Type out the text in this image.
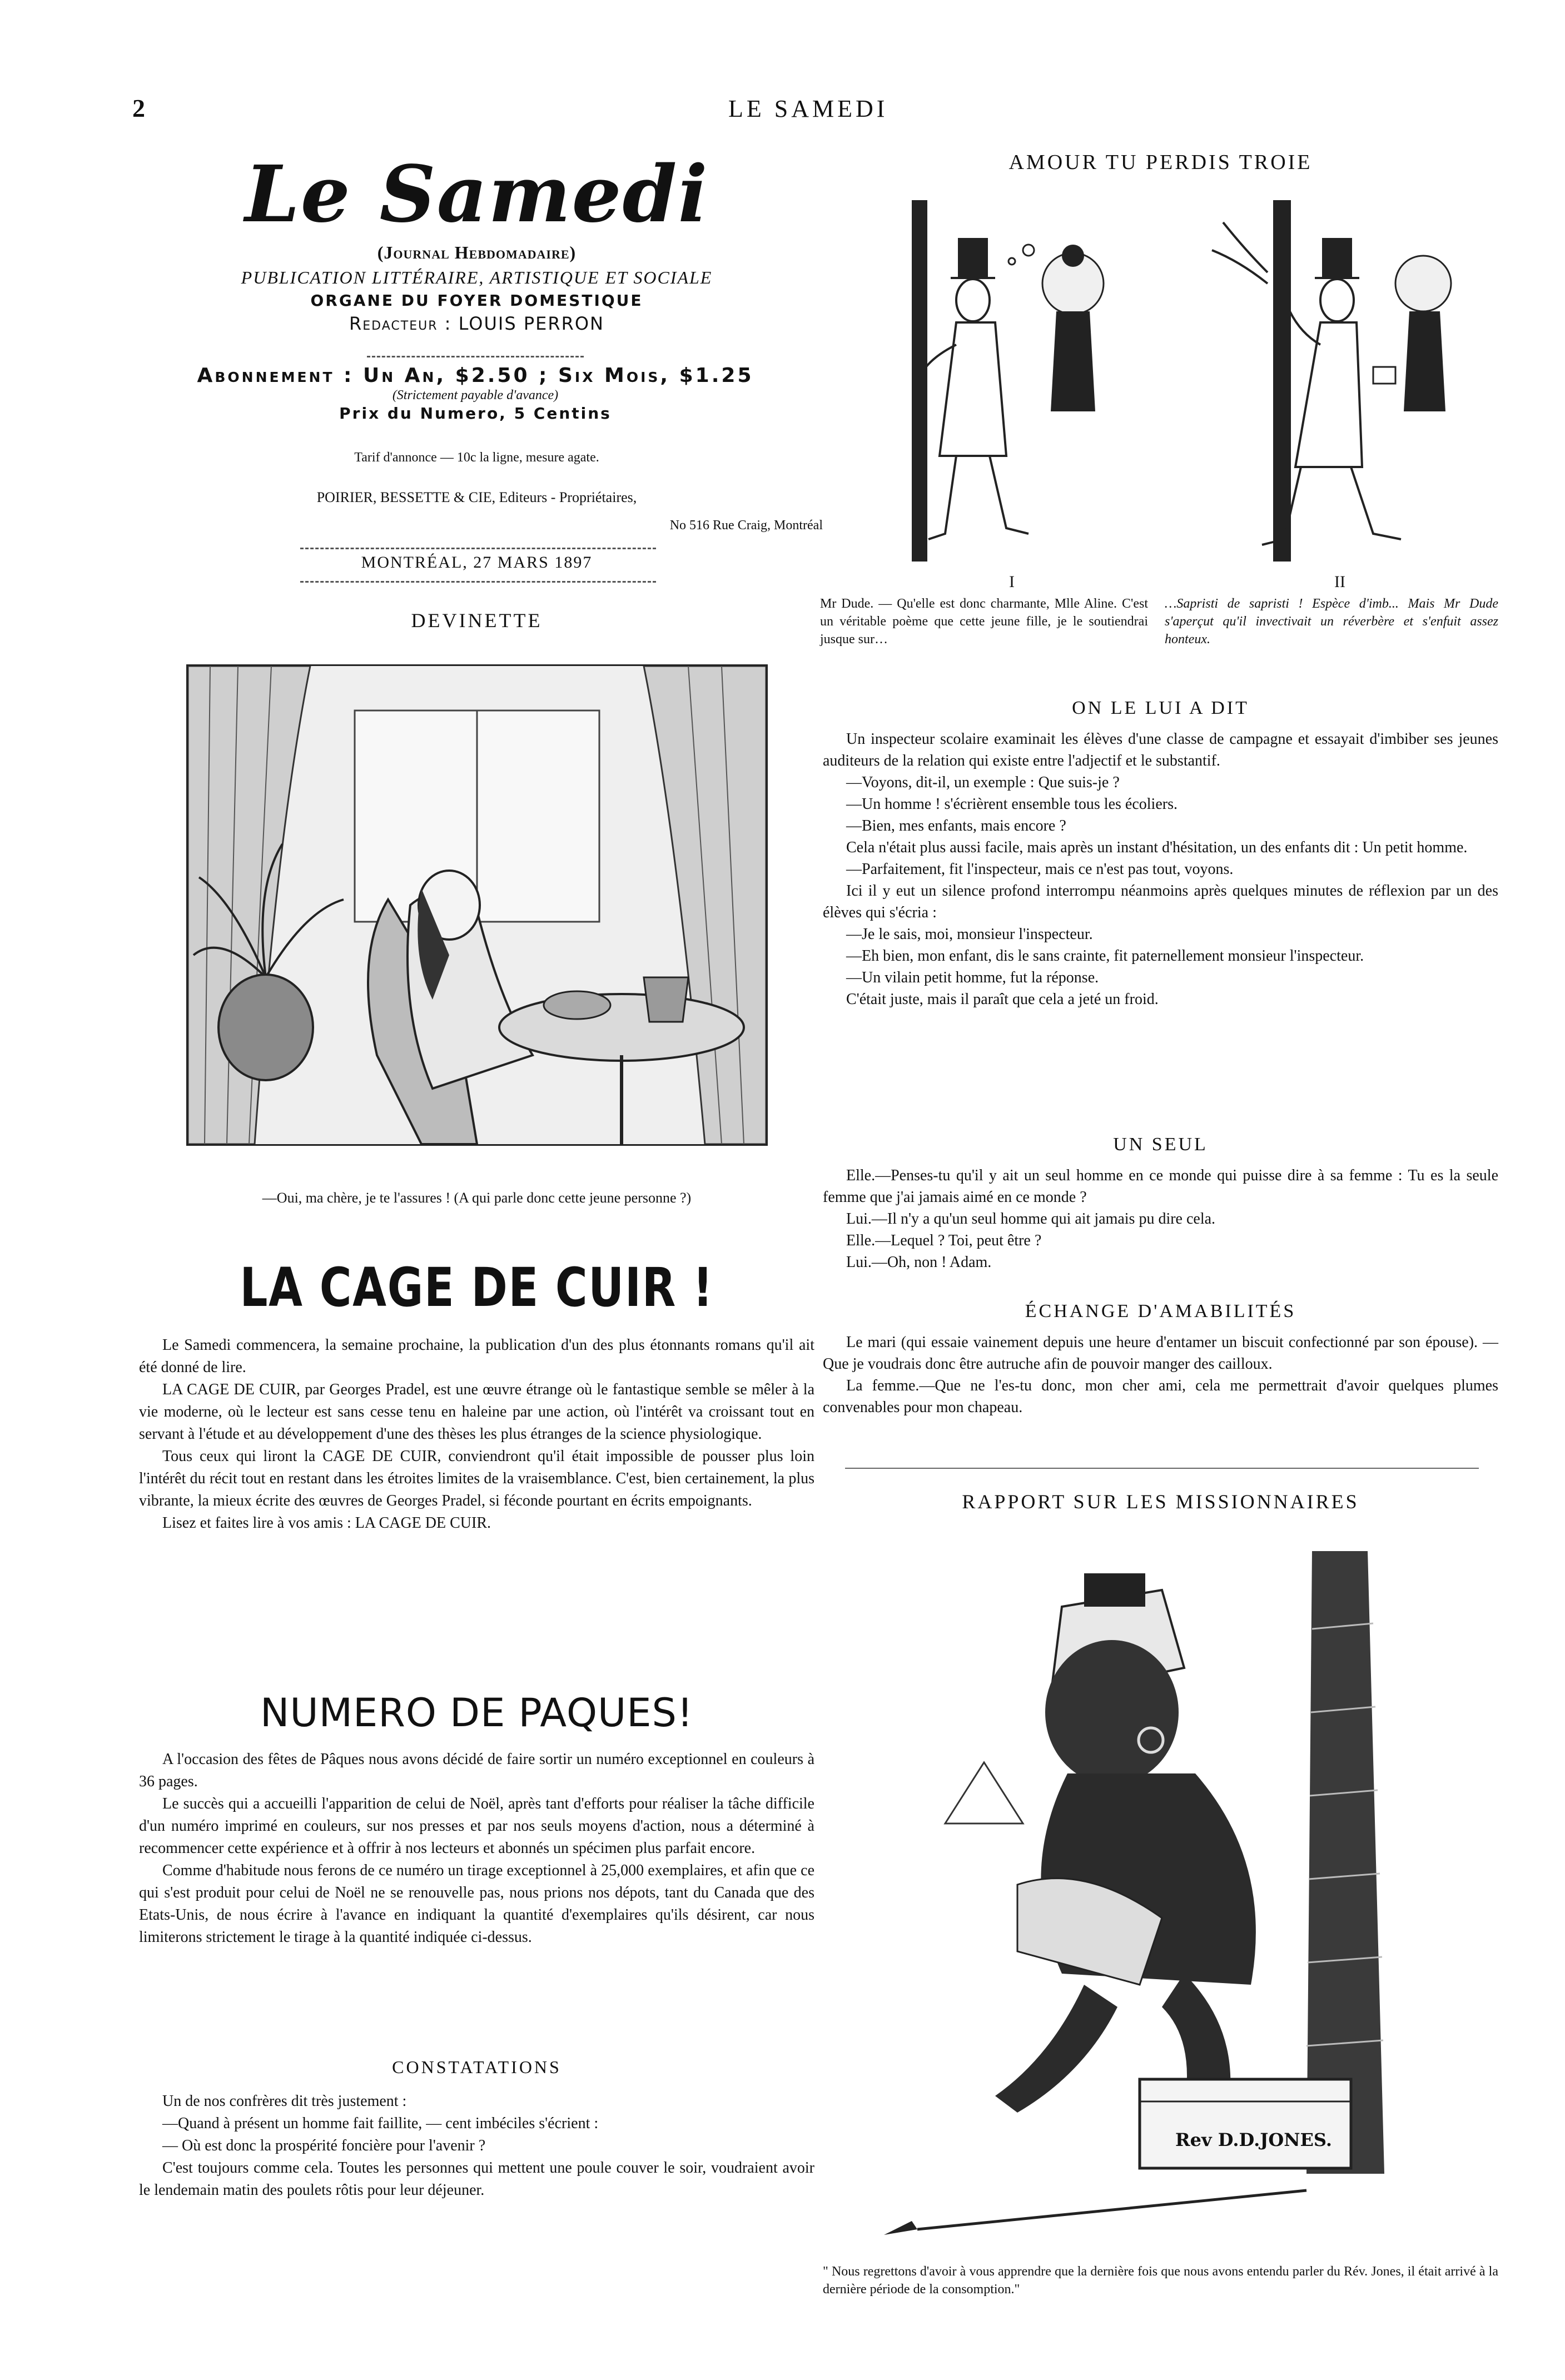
2	LE SAMEDI
Le Samedi
(Journal Hebdomadaire)
PUBLICATION LITTÉRAIRE, ARTISTIQUE ET SOCIALE
ORGANE DU FOYER DOMESTIQUE
Redacteur : LOUIS PERRON
Abonnement : Un An, $2.50 ; Six Mois, $1.25
(Strictement payable d'avance)
Prix du Numero, 5 Centins
Tarif d'annonce — 10c la ligne, mesure agate.
POIRIER, BESSETTE & CIE, Editeurs - Propriétaires,
No 516 Rue Craig, Montréal
MONTRÉAL, 27 MARS 1897
DEVINETTE
—Oui, ma chère, je te l'assures ! (A qui parle donc cette jeune personne ?)
LA CAGE DE CUIR !

Le Samedi commencera, la semaine prochaine, la publication d'un des plus étonnants romans qu'il ait été donné de lire.

LA CAGE DE CUIR, par Georges Pradel, est une œuvre étrange où le fantastique semble se mêler à la vie moderne, où le lecteur est sans cesse tenu en haleine par une action, où l'intérêt va croissant tout en servant à l'étude et au développement d'une des thèses les plus étranges de la science physiologique.

Tous ceux qui liront la CAGE DE CUIR, conviendront qu'il était impossible de pousser plus loin l'intérêt du récit tout en restant dans les étroites limites de la vraisemblance. C'est, bien certainement, la plus vibrante, la mieux écrite des œuvres de Georges Pradel, si féconde pourtant en écrits empoignants.

Lisez et faites lire à vos amis : LA CAGE DE CUIR.

NUMERO DE PAQUES!

A l'occasion des fêtes de Pâques nous avons décidé de faire sortir un numéro exceptionnel en couleurs à 36 pages.

Le succès qui a accueilli l'apparition de celui de Noël, après tant d'efforts pour réaliser la tâche difficile d'un numéro imprimé en couleurs, sur nos presses et par nos seuls moyens d'action, nous a déterminé à recommencer cette expérience et à offrir à nos lecteurs et abonnés un spécimen plus parfait encore.

Comme d'habitude nous ferons de ce numéro un tirage exceptionnel à 25,000 exemplaires, et afin que ce qui s'est produit pour celui de Noël ne se renouvelle pas, nous prions nos dépots, tant du Canada que des Etats-Unis, de nous écrire à l'avance en indiquant la quantité d'exemplaires qu'ils désirent, car nous limiterons strictement le tirage à la quantité indiquée ci-dessus.

CONSTATATIONS

Un de nos confrères dit très justement :

—Quand à présent un homme fait faillite, — cent imbéciles s'écrient :

— Où est donc la prospérité foncière pour l'avenir ?

C'est toujours comme cela. Toutes les personnes qui mettent une poule couver le soir, voudraient avoir le lendemain matin des poulets rôtis pour leur déjeuner.

AMOUR TU PERDIS TROIE
I	II
Mr Dude. — Qu'elle est donc charmante, Mlle Aline. C'est un véritable poème que cette jeune fille, je le soutiendrai jusque sur…
…Sapristi de sapristi ! Espèce d'imb... Mais Mr Dude s'aperçut qu'il invectivait un réverbère et s'enfuit assez honteux.
ON LE LUI A DIT

Un inspecteur scolaire examinait les élèves d'une classe de campagne et essayait d'imbiber ses jeunes auditeurs de la relation qui existe entre l'adjectif et le substantif.

—Voyons, dit-il, un exemple : Que suis-je ?

—Un homme ! s'écrièrent ensemble tous les écoliers.

—Bien, mes enfants, mais encore ?

Cela n'était plus aussi facile, mais après un instant d'hésitation, un des enfants dit : Un petit homme.

—Parfaitement, fit l'inspecteur, mais ce n'est pas tout, voyons.

Ici il y eut un silence profond interrompu néanmoins après quelques minutes de réflexion par un des élèves qui s'écria :

—Je le sais, moi, monsieur l'inspecteur.

—Eh bien, mon enfant, dis le sans crainte, fit paternellement monsieur l'inspecteur.

—Un vilain petit homme, fut la réponse.

C'était juste, mais il paraît que cela a jeté un froid.

UN SEUL

Elle.—Penses-tu qu'il y ait un seul homme en ce monde qui puisse dire à sa femme : Tu es la seule femme que j'ai jamais aimé en ce monde ?

Lui.—Il n'y a qu'un seul homme qui ait jamais pu dire cela.

Elle.—Lequel ? Toi, peut être ?

Lui.—Oh, non ! Adam.

ÉCHANGE D'AMABILITÉS

Le mari (qui essaie vainement depuis une heure d'entamer un biscuit confectionné par son épouse). —Que je voudrais donc être autruche afin de pouvoir manger des cailloux.

La femme.—Que ne l'es-tu donc, mon cher ami, cela me permettrait d'avoir quelques plumes convenables pour mon chapeau.

RAPPORT SUR LES MISSIONNAIRES
Rev D.D.JONES.
" Nous regrettons d'avoir à vous apprendre que la dernière fois que nous avons entendu parler du Rév. Jones, il était arrivé à la dernière période de la consomption."
